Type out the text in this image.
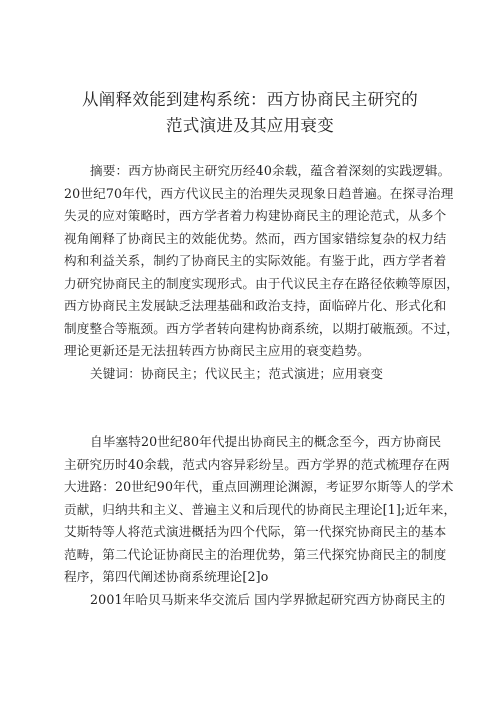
从阐释效能到建构系统：西方协商民主研究的
范式演进及其应用衰变
摘要：西方协商民主研究历经40余载，蕴含着深刻的实践逻辑。
20世纪70年代，西方代议民主的治理失灵现象日趋普遍。在探寻治理
失灵的应对策略时，西方学者着力构建协商民主的理论范式，从多个
视角阐释了协商民主的效能优势。然而，西方国家错综复杂的权力结
构和利益关系，制约了协商民主的实际效能。有鉴于此，西方学者着
力研究协商民主的制度实现形式。由于代议民主存在路径依赖等原因，
西方协商民主发展缺乏法理基础和政治支持，面临碎片化、形式化和
制度整合等瓶颈。西方学者转向建构协商系统，以期打破瓶颈。不过，
理论更新还是无法扭转西方协商民主应用的衰变趋势。
关键词：协商民主；代议民主；范式演进；应用衰变
自毕塞特20世纪80年代提出协商民主的概念至今，西方协商民
主研究历时40余载，范式内容异彩纷呈。西方学界的范式梳理存在两
大进路：20世纪90年代，重点回溯理论渊源，考证罗尔斯等人的学术
贡献，归纳共和主义、普遍主义和后现代的协商民主理论[1];近年来，
艾斯特等人将范式演进概括为四个代际，第一代探究协商民主的基本
范畴，第二代论证协商民主的治理优势，第三代探究协商民主的制度
程序，第四代阐述协商系统理论[2]o
2001年哈贝马斯来华交流后 国内学界掀起研究西方协商民主的
